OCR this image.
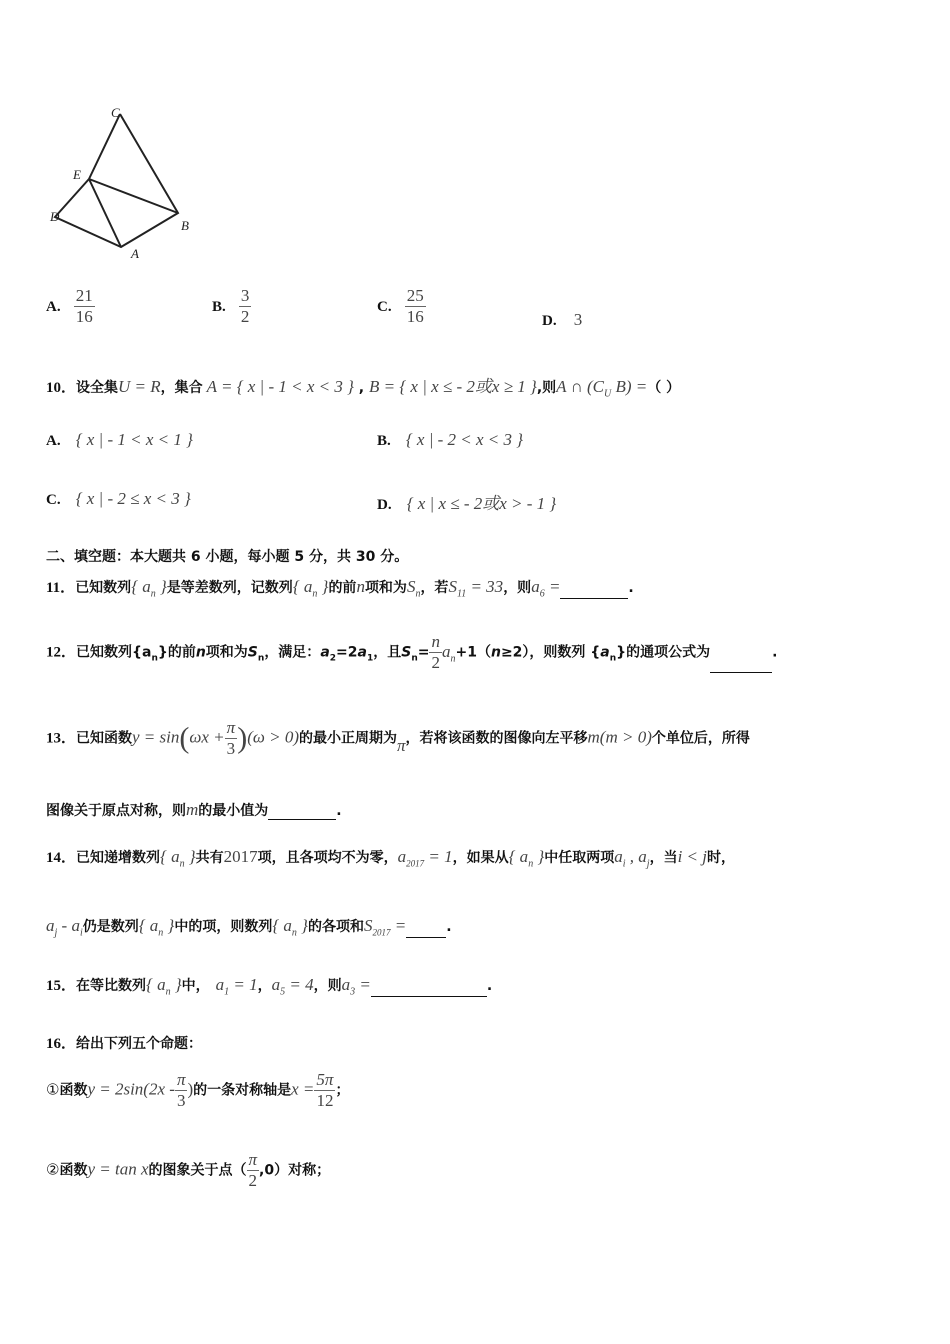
C
E
D
B
A
A. $\frac{21}{16}$	B. $\frac{3}{2}$	C. $\frac{25}{16}$	D. 3
10．设全集U = R，集合 A = { x | - 1 < x < 3 } , B = { x | x ≤ - 2或x ≥ 1 },则A ∩ ($C_U$ B) =（ ）
A. { x | - 1 < x < 1 }	B. { x | - 2 < x < 3 }
C. { x | - 2 ≤ x < 3 }	D. { x | x ≤ - 2或x > - 1 }
二、填空题：本大题共 6 小题，每小题 5 分，共 30 分。
11．已知数列{ $a_n$ }是等差数列，记数列{ $a_n$ }的前n项和为$S_n$，若$S_{11} = 33$，则$a_6$ =	.
12．已知数列$\{a_n\}$的前n项和为$S_n$，满足：$a_2=2a_1$，且$S_n= \frac{n}{2} a_n+1(n\ge 2)$，则数列 $\{a_n\}$的通项公式为	.
13．已知函数$y = \sin(\omega x + \frac{\pi}{3} )(\omega > 0)$的最小正周期为π，若将该函数的图像向左平移m(m > 0)个单位后，所得
图像关于原点对称，则m的最小值为	.
14．已知递增数列{ $a_n$ }共有2017项，且各项均不为零，$a_{2017} = 1$，如果从{ $a_n$ }中任取两项$a_i$ , $a_j$，当i < j时，
$a_j - a_i$仍是数列{ $a_n$ }中的项，则数列{ $a_n$ }的各项和$S_{2017}$ =	.
15．在等比数列{ $a_n$ }中， $a_1 = 1$，$a_5 = 4$，则$a_3$ =	.
16．给出下列五个命题：
①函数$y = 2\sin(2x - \frac{\pi}{3}$ )的一条对称轴是$x = \frac{5\pi}{12}$ ；
②函数y = tan x的图象关于点（ $\frac{\pi}{2} ,0$）对称；
